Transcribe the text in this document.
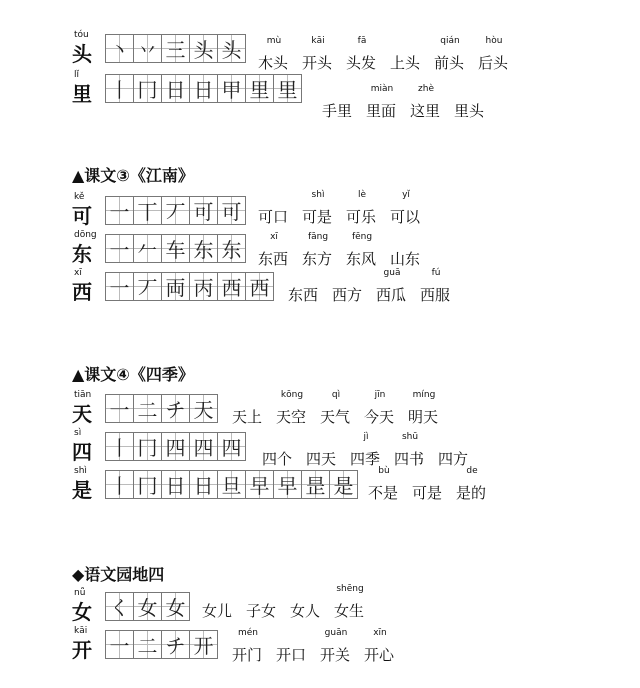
▲课文③《江南》
▲课文④《四季》
◆语文园地四
tóu
头 丶 丷 三 头 头	mù
木头
kāi
开头
fā
头发 上头
qián
前头
hòu
后头
lǐ
里 丨 冂 日 日 甲 里 里
手里
miàn
里面
zhè
这里 里头
kě
可 一 丅 丆 可 可 可口
shì
可是
lè
可乐
yǐ
可以
dōng
东 一 𠂉 车 东 东
xī
东西
fāng
东方
fēng
东风 山东
xī
西 一 丆 両 丙 西 西 东西 西方
guā
西瓜
fú
西服
tiān
天 一 二 チ 天 天上
kōng
天空
qì
天气
jīn
今天
míng
明天
sì
四 丨 冂 四 四 四 四个 四天
jì
四季
shū
四书 四方
shì
是 丨 冂 日 日 旦 早 早 昰 是
bù
不是 可是
de
是的
nǚ
女 く 女 女 女儿 子女 女人
shēng
女生
kāi
开 一 二 チ 开
mén
开门 开口
guān
开关
xīn
开心
